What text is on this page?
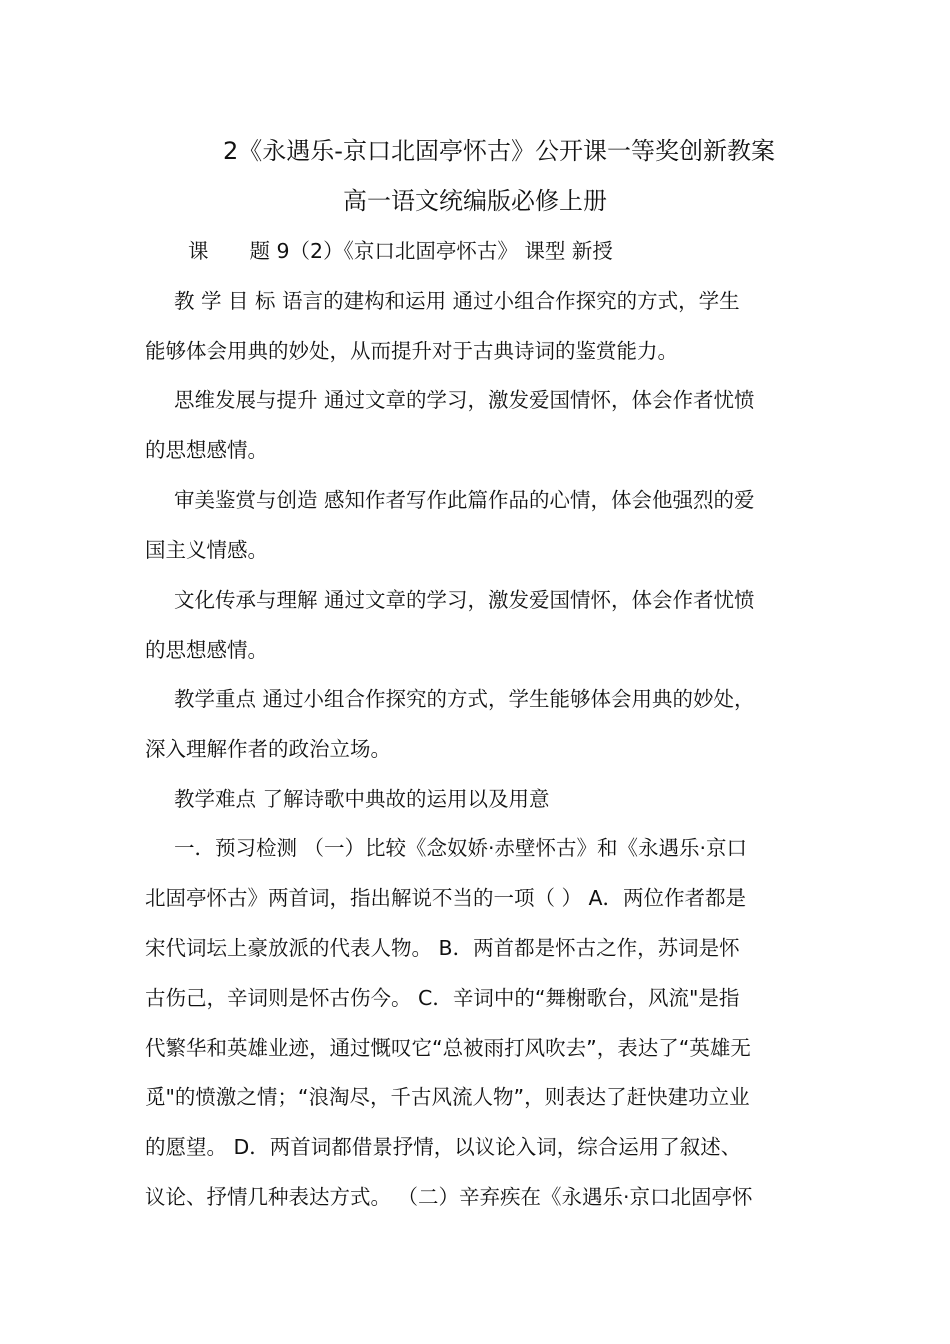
2《永遇乐-京口北固亭怀古》公开课一等奖创新教案
高一语文统编版必修上册
课　　题 9（2）《京口北固亭怀古》 课型 新授
教 学 目 标 语言的建构和运用 通过小组合作探究的方式，学生
能够体会用典的妙处，从而提升对于古典诗词的鉴赏能力。
思维发展与提升 通过文章的学习，激发爱国情怀，体会作者忧愤
的思想感情。
审美鉴赏与创造 感知作者写作此篇作品的心情，体会他强烈的爱
国主义情感。
文化传承与理解 通过文章的学习，激发爱国情怀，体会作者忧愤
的思想感情。
教学重点 通过小组合作探究的方式，学生能够体会用典的妙处，
深入理解作者的政治立场。
教学难点 了解诗歌中典故的运用以及用意
一．预习检测 （一）比较《念奴娇·赤壁怀古》和《永遇乐·京口
北固亭怀古》两首词，指出解说不当的一项（ ） A．两位作者都是
宋代词坛上豪放派的代表人物。 B．两首都是怀古之作，苏词是怀
古伤己，辛词则是怀古伤今。 C．辛词中的“舞榭歌台，风流"是指
代繁华和英雄业迹，通过慨叹它“总被雨打风吹去”，表达了“英雄无
觅"的愤激之情；“浪淘尽，千古风流人物”，则表达了赶快建功立业
的愿望。 D．两首词都借景抒情，以议论入词，综合运用了叙述、
议论、抒情几种表达方式。 （二）辛弃疾在《永遇乐·京口北固亭怀
